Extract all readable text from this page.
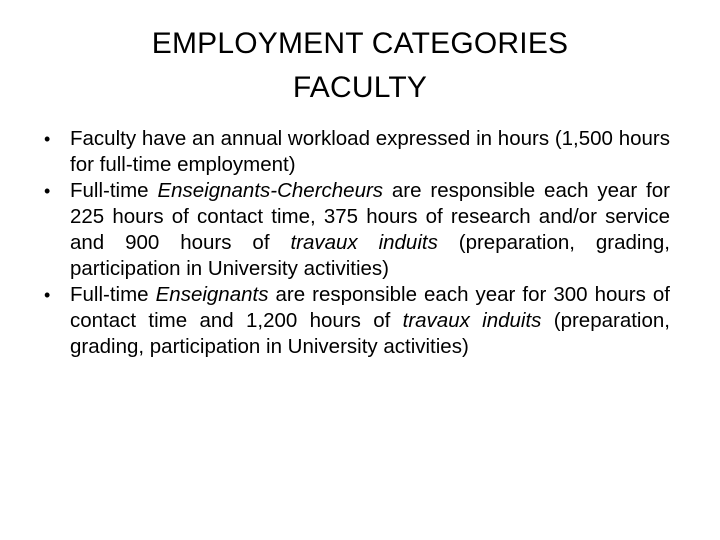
EMPLOYMENT CATEGORIES
FACULTY
• Faculty have an annual workload expressed in hours (1,500 hours for full-time employment)
• Full-time Enseignants-Chercheurs are responsible each year for 225 hours of contact time, 375 hours of research and/or service and 900 hours of travaux induits (preparation, grading, participation in University activities)
• Full-time Enseignants are responsible each year for 300 hours of contact time and 1,200 hours of travaux induits (preparation, grading, participation in University activities)
